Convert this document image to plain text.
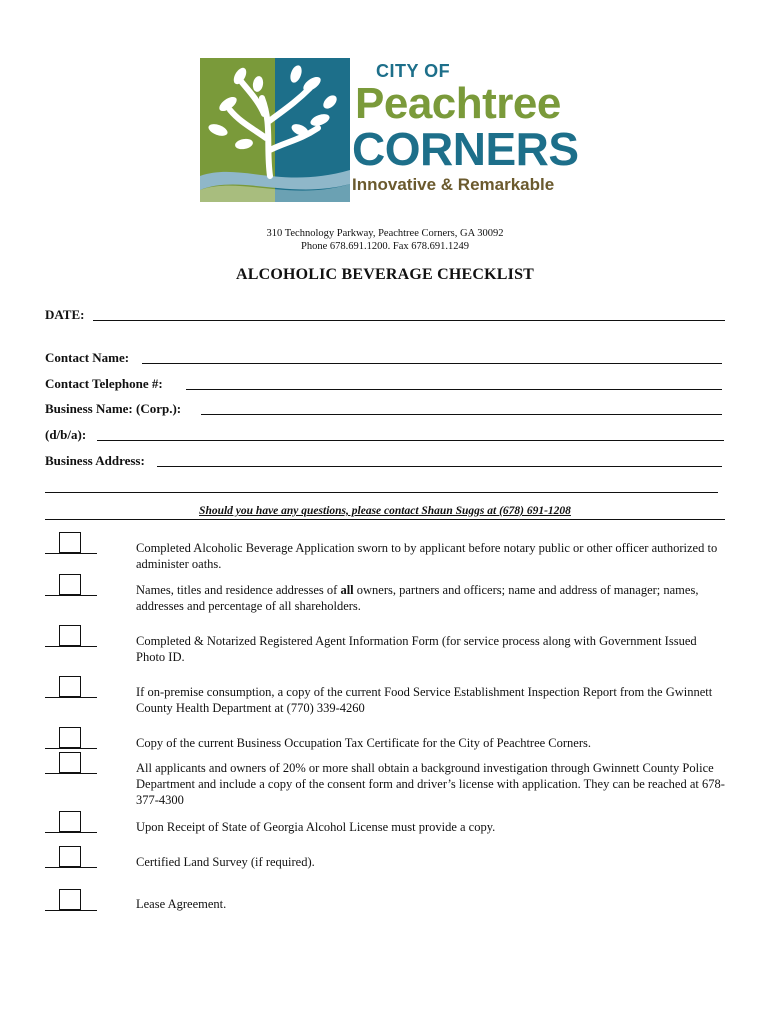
CITY OF
Peachtree
CORNERS
Innovative & Remarkable
310 Technology Parkway, Peachtree Corners, GA 30092
Phone 678.691.1200. Fax 678.691.1249
ALCOHOLIC BEVERAGE CHECKLIST
DATE:
Contact Name:
Contact Telephone #:
Business Name: (Corp.):
(d/b/a):
Business Address:
Should you have any questions, please contact Shaun Suggs at (678) 691-1208
Completed Alcoholic Beverage Application sworn to by applicant before notary public or other officer authorized to administer oaths.
Names, titles and residence addresses of all owners, partners and officers; name and address of manager; names, addresses and percentage of all shareholders.
Completed & Notarized Registered Agent Information Form (for service process along with Government Issued Photo ID.
If on-premise consumption, a copy of the current Food Service Establishment Inspection Report from the Gwinnett County Health Department at (770) 339-4260
Copy of the current Business Occupation Tax Certificate for the City of Peachtree Corners.
All applicants and owners of 20% or more shall obtain a background investigation through Gwinnett County Police Department and include a copy of the consent form and driver’s license with application. They can be reached at 678-377-4300
Upon Receipt of State of Georgia Alcohol License must provide a copy.
Certified Land Survey (if required).
Lease Agreement.
